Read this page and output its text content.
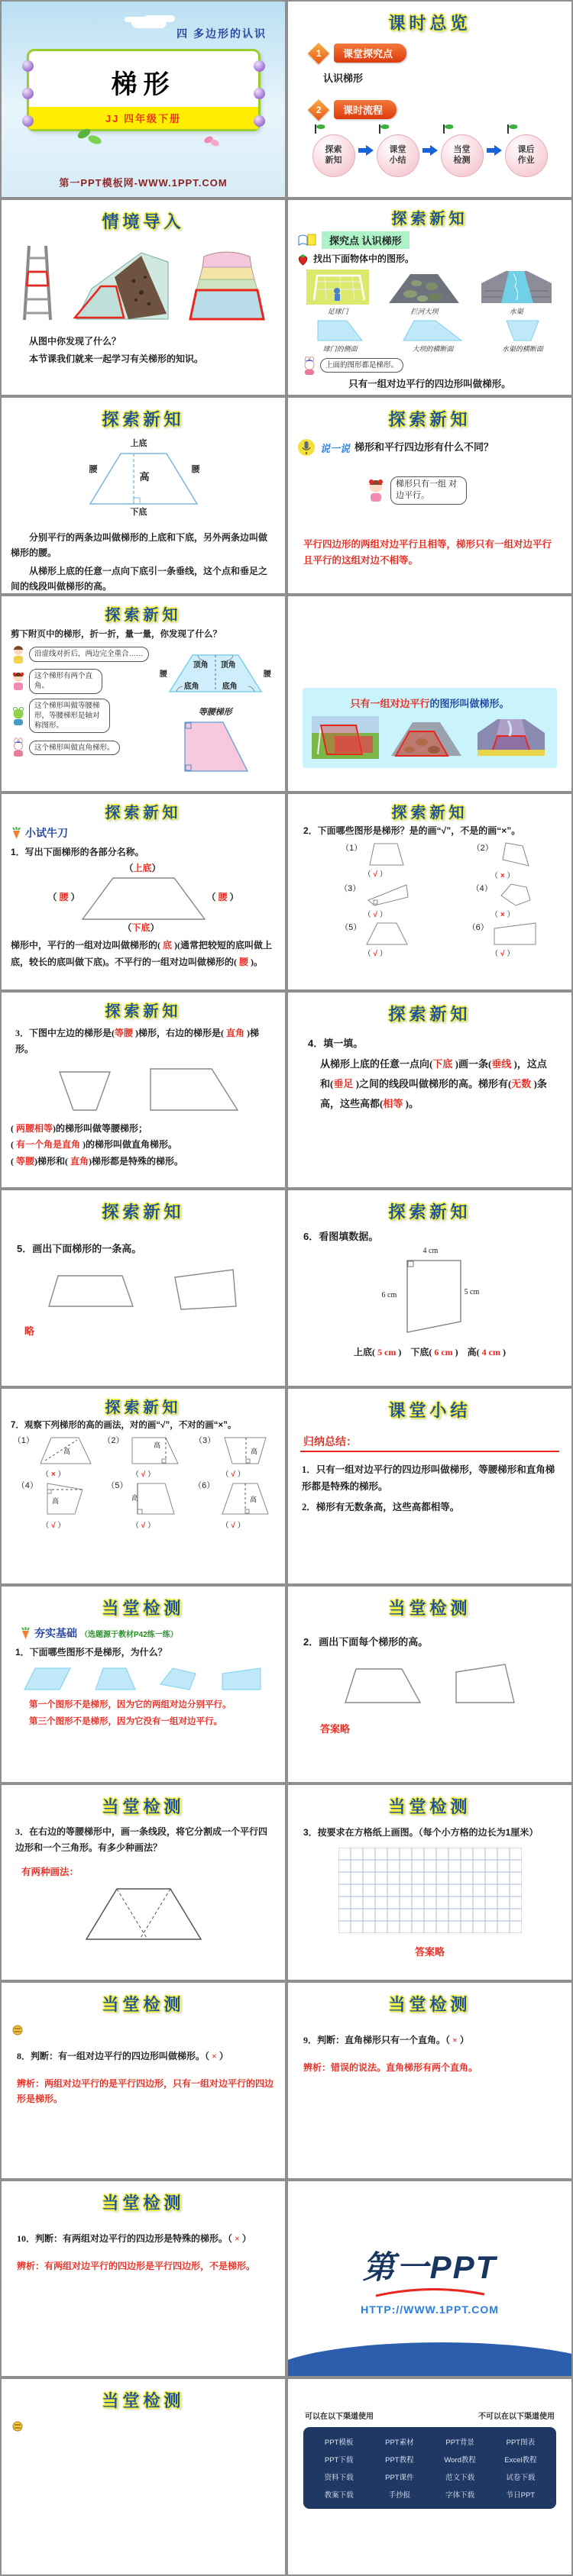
四 多边形的认识
梯形
JJ 四年级下册
第一PPT模板网-WWW.1PPT.COM
课时总览
1	课堂探究点
认识梯形
2	课时流程
探索
新知
课堂
小结
当堂
检测
课后
作业
情境导入
从图中你发现了什么？
本节课我们就来一起学习有关梯形的知识。
探索新知
探究点 认识梯形
找出下面物体中的图形。
足球门	拦河大坝	水渠
球门的侧面	大坝的横断面	水渠的横断面
上面的图形都是梯形。
只有一组对边平行的四边形叫做梯形。
探索新知
上底
腰
高
腰
下底
分别平行的两条边叫做梯形的上底和下底，另外两条边叫做梯形的腰。
从梯形上底的任意一点向下底引一条垂线，这个点和垂足之间的线段叫做梯形的高。
探索新知
说一说 梯形和平行四边形有什么不同？
梯形只有一组 对边平行。
平行四边形的两组对边平行且相等，梯形只有一组对边平行且平行的这组对边不相等。
探索新知
剪下附页中的梯形，折一折，量一量，你发现了什么？
沿虚线对折后，两边完全重合……
这个梯形有两个直角。
这个梯形叫做等腰梯形，等腰梯形是轴对称图形。
这个梯形叫做直角梯形。
腰
顶角 顶角
腰
底角	底角
等腰梯形
只有一组对边平行的图形叫做梯形。
探索新知
小试牛刀
1．写出下面梯形的各部分名称。
（上底）
（ 腰 ）	（ 腰 ）
（下底）
梯形中，平行的一组对边叫做梯形的( 底 )(通常把较短的底叫做上底，较长的底叫做下底)。不平行的一组对边叫做梯形的( 腰 )。
探索新知
2．下面哪些图形是梯形？是的画“√”，不是的画“×”。
（1）
（ √ ）
（2）
（ × ）
（3）
（ √ ）
（4）
（ × ）
（5）
（ √ ）
（6）
（ √ ）
探索新知
3．下图中左边的梯形是(等腰 )梯形，右边的梯形是( 直角 )梯形。
( 两腰相等)的梯形叫做等腰梯形；
( 有一个角是直角 )的梯形叫做直角梯形。
( 等腰)梯形和( 直角)梯形都是特殊的梯形。
探索新知
4．填一填。
从梯形上底的任意一点向(下底 )画一条(垂线 )，这点和(垂足 )之间的线段叫做梯形的高。梯形有(无数 )条高，这些高都(相等 )。
探索新知
5．画出下面梯形的一条高。
略
探索新知
6．看图填数据。
4 cm
6 cm	5 cm
上底( 5 cm )　下底( 6 cm )　高( 4 cm )
探索新知
7．观察下列梯形的高的画法，对的画“√”，不对的画“×”。
（1）
高
（ × ）
（2）	高
（ √ ）
（3）
高
（ √ ）
（4）
高
（ √ ）
（5）
高
（ √ ）
（6）
高
（ √ ）
课堂小结
归纳总结：
1．只有一组对边平行的四边形叫做梯形，等腰梯形和直角梯形都是特殊的梯形。
2．梯形有无数条高，这些高都相等。
当堂检测
夯实基础 （选题源于教材P42练一练）
1．下面哪些图形不是梯形，为什么？
第一个图形不是梯形，因为它的两组对边分别平行。
第三个图形不是梯形，因为它没有一组对边平行。
当堂检测
2．画出下面每个梯形的高。
答案略
当堂检测
3．在右边的等腰梯形中，画一条线段，将它分割成一个平行四边形和一个三角形。有多少种画法？
有两种画法：
当堂检测
3．按要求在方格纸上画图。（每个小方格的边长为1厘米）
答案略
当堂检测
8．判断：有一组对边平行的四边形叫做梯形。（ × ）
辨析：两组对边平行的是平行四边形，只有一组对边平行的四边形是梯形。
当堂检测
9．判断：直角梯形只有一个直角。（ × ）
辨析：错误的说法。直角梯形有两个直角。
当堂检测
10．判断：有两组对边平行的四边形是特殊的梯形。（ × ）
辨析：有两组对边平行的四边形是平行四边形，不是梯形。	第一PPT
HTTP://WWW.1PPT.COM
当堂检测
可以在以下渠道使用	不可以在以下渠道使用
PPT模板	PPT素材	PPT背景	PPT图表
PPT下载	PPT教程	Word教程	Excel教程
资料下载	PPT课件	范文下载	试卷下载
教案下载	手抄报	字体下载	节日PPT
